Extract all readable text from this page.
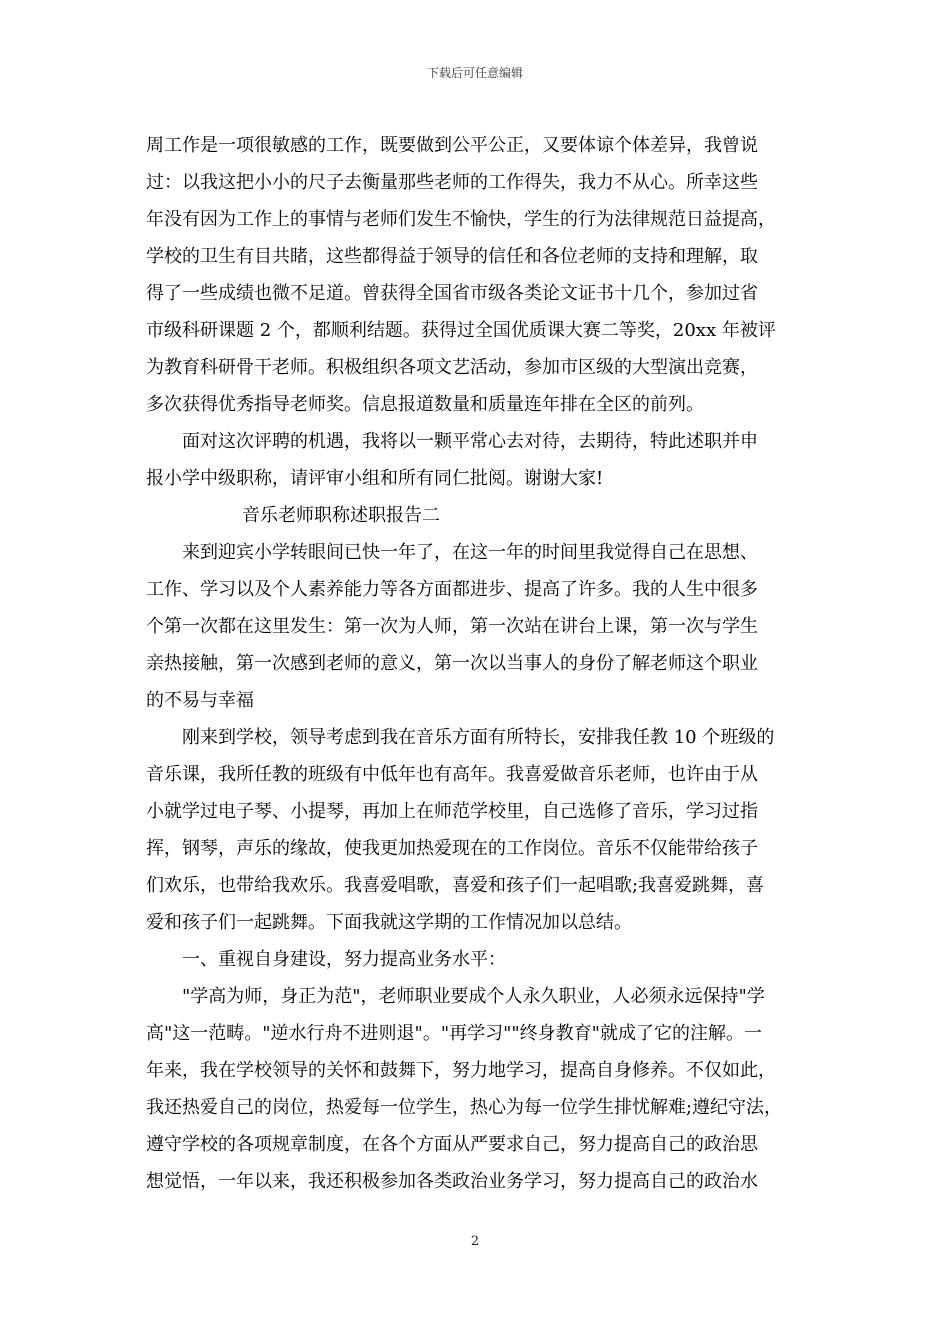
下载后可任意编辑
周工作是一项很敏感的工作，既要做到公平公正，又要体谅个体差异，我曾说
过：以我这把小小的尺子去衡量那些老师的工作得失，我力不从心。所幸这些
年没有因为工作上的事情与老师们发生不愉快，学生的行为法律规范日益提高，
学校的卫生有目共睹，这些都得益于领导的信任和各位老师的支持和理解，取
得了一些成绩也微不足道。曾获得全国省市级各类论文证书十几个，参加过省
市级科研课题 2 个，都顺利结题。获得过全国优质课大赛二等奖，20xx 年被评
为教育科研骨干老师。积极组织各项文艺活动，参加市区级的大型演出竞赛，
多次获得优秀指导老师奖。信息报道数量和质量连年排在全区的前列。
面对这次评聘的机遇，我将以一颗平常心去对待，去期待，特此述职并申
报小学中级职称，请评审小组和所有同仁批阅。谢谢大家!
音乐老师职称述职报告二
来到迎宾小学转眼间已快一年了，在这一年的时间里我觉得自己在思想、
工作、学习以及个人素养能力等各方面都进步、提高了许多。我的人生中很多
个第一次都在这里发生：第一次为人师，第一次站在讲台上课，第一次与学生
亲热接触，第一次感到老师的意义，第一次以当事人的身份了解老师这个职业
的不易与幸福
刚来到学校，领导考虑到我在音乐方面有所特长，安排我任教 10 个班级的
音乐课，我所任教的班级有中低年也有高年。我喜爱做音乐老师，也许由于从
小就学过电子琴、小提琴，再加上在师范学校里，自己选修了音乐，学习过指
挥，钢琴，声乐的缘故，使我更加热爱现在的工作岗位。音乐不仅能带给孩子
们欢乐，也带给我欢乐。我喜爱唱歌，喜爱和孩子们一起唱歌;我喜爱跳舞，喜
爱和孩子们一起跳舞。下面我就这学期的工作情况加以总结。
一、重视自身建设，努力提高业务水平：
"学高为师，身正为范"，老师职业要成个人永久职业，人必须永远保持"学
高"这一范畴。"逆水行舟不进则退"。"再学习""终身教育"就成了它的注解。一
年来，我在学校领导的关怀和鼓舞下，努力地学习，提高自身修养。不仅如此，
我还热爱自己的岗位，热爱每一位学生，热心为每一位学生排忧解难;遵纪守法，
遵守学校的各项规章制度，在各个方面从严要求自己，努力提高自己的政治思
想觉悟，一年以来，我还积极参加各类政治业务学习，努力提高自己的政治水
2
